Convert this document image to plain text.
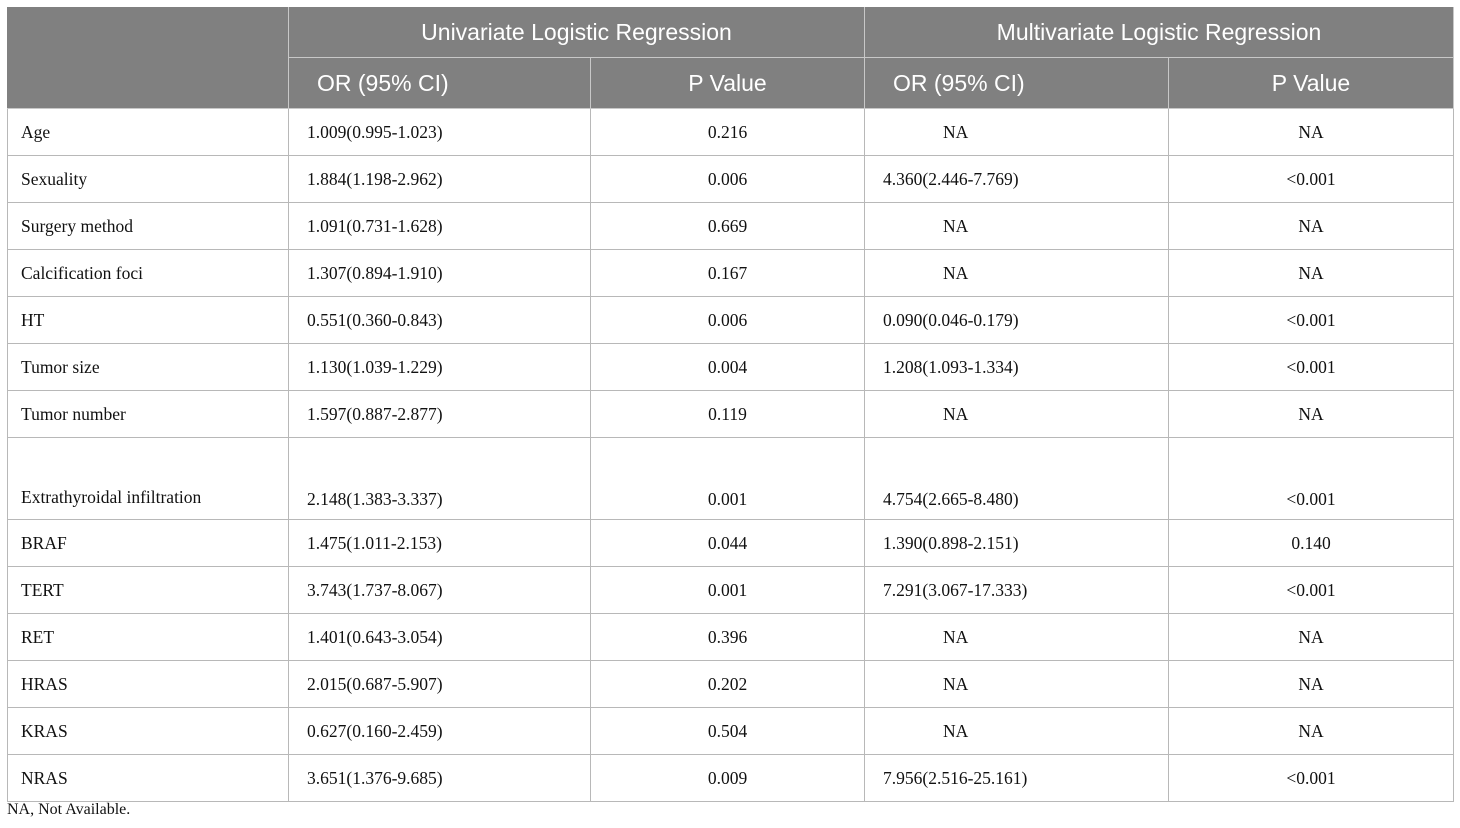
	Univariate Logistic Regression		Multivariate Logistic Regression	
	OR (95% CI)	P Value	OR (95% CI)	P Value
Age	1.009(0.995-1.023)	0.216	NA	NA
Sexuality	1.884(1.198-2.962)	0.006	4.360(2.446-7.769)	<0.001
Surgery method	1.091(0.731-1.628)	0.669	NA	NA
Calcification foci	1.307(0.894-1.910)	0.167	NA	NA
HT	0.551(0.360-0.843)	0.006	0.090(0.046-0.179)	<0.001
Tumor size	1.130(1.039-1.229)	0.004	1.208(1.093-1.334)	<0.001
Tumor number	1.597(0.887-2.877)	0.119	NA	NA
Extrathyroidal infiltration	2.148(1.383-3.337)	0.001	4.754(2.665-8.480)	<0.001
BRAF	1.475(1.011-2.153)	0.044	1.390(0.898-2.151)	0.140
TERT	3.743(1.737-8.067)	0.001	7.291(3.067-17.333)	<0.001
RET	1.401(0.643-3.054)	0.396	NA	NA
HRAS	2.015(0.687-5.907)	0.202	NA	NA
KRAS	0.627(0.160-2.459)	0.504	NA	NA
NRAS	3.651(1.376-9.685)	0.009	7.956(2.516-25.161)	<0.001
NA, Not Available.
